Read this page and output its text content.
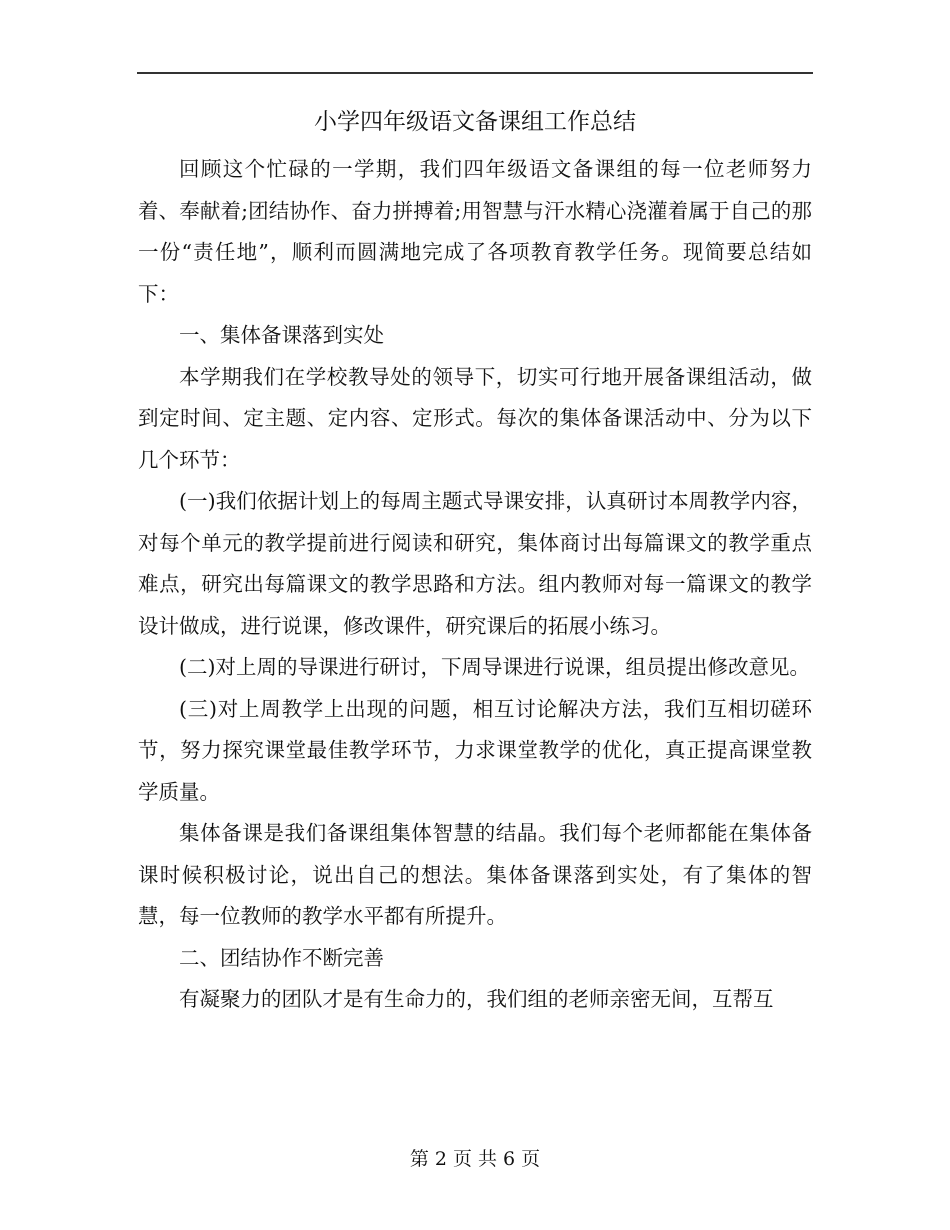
小学四年级语文备课组工作总结

回顾这个忙碌的一学期，我们四年级语文备课组的每一位老师努力着、奉献着;团结协作、奋力拼搏着;用智慧与汗水精心浇灌着属于自己的那一份“责任地”，顺利而圆满地完成了各项教育教学任务。现简要总结如下：

一、集体备课落到实处

本学期我们在学校教导处的领导下，切实可行地开展备课组活动，做到定时间、定主题、定内容、定形式。每次的集体备课活动中、分为以下几个环节：

(一)我们依据计划上的每周主题式导课安排，认真研讨本周教学内容，对每个单元的教学提前进行阅读和研究，集体商讨出每篇课文的教学重点难点，研究出每篇课文的教学思路和方法。组内教师对每一篇课文的教学设计做成，进行说课，修改课件，研究课后的拓展小练习。

(二)对上周的导课进行研讨，下周导课进行说课，组员提出修改意见。

(三)对上周教学上出现的问题，相互讨论解决方法，我们互相切磋环节，努力探究课堂最佳教学环节，力求课堂教学的优化，真正提高课堂教学质量。

集体备课是我们备课组集体智慧的结晶。我们每个老师都能在集体备课时候积极讨论，说出自己的想法。集体备课落到实处，有了集体的智慧，每一位教师的教学水平都有所提升。

二、团结协作不断完善

有凝聚力的团队才是有生命力的，我们组的老师亲密无间，互帮互

第 2 页 共 6 页
